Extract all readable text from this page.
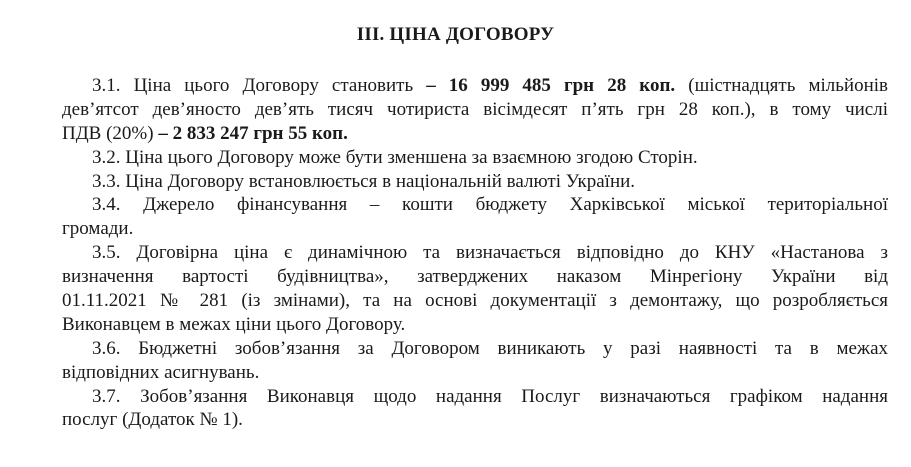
ІІІ. ЦІНА ДОГОВОРУ
3.1. Ціна цього Договору становить – 16 999 485 грн 28 коп. (шістнадцять мільйонів
дев’ятсот дев’яносто дев’ять тисяч чотириста вісімдесят п’ять грн 28 коп.), в тому числі
ПДВ (20%) – 2 833 247 грн 55 коп.
3.2. Ціна цього Договору може бути зменшена за взаємною згодою Сторін.
3.3. Ціна Договору встановлюється в національній валюті України.
3.4. Джерело фінансування – кошти бюджету Харківської міської територіальної
громади.
3.5. Договірна ціна є динамічною та визначається відповідно до КНУ «Настанова з
визначення вартості будівництва», затверджених наказом Мінрегіону України від
01.11.2021 № 281 (із змінами), та на основі документації з демонтажу, що розробляється
Виконавцем в межах ціни цього Договору.
3.6. Бюджетні зобов’язання за Договором виникають у разі наявності та в межах
відповідних асигнувань.
3.7. Зобов’язання Виконавця щодо надання Послуг визначаються графіком надання
послуг (Додаток № 1).
